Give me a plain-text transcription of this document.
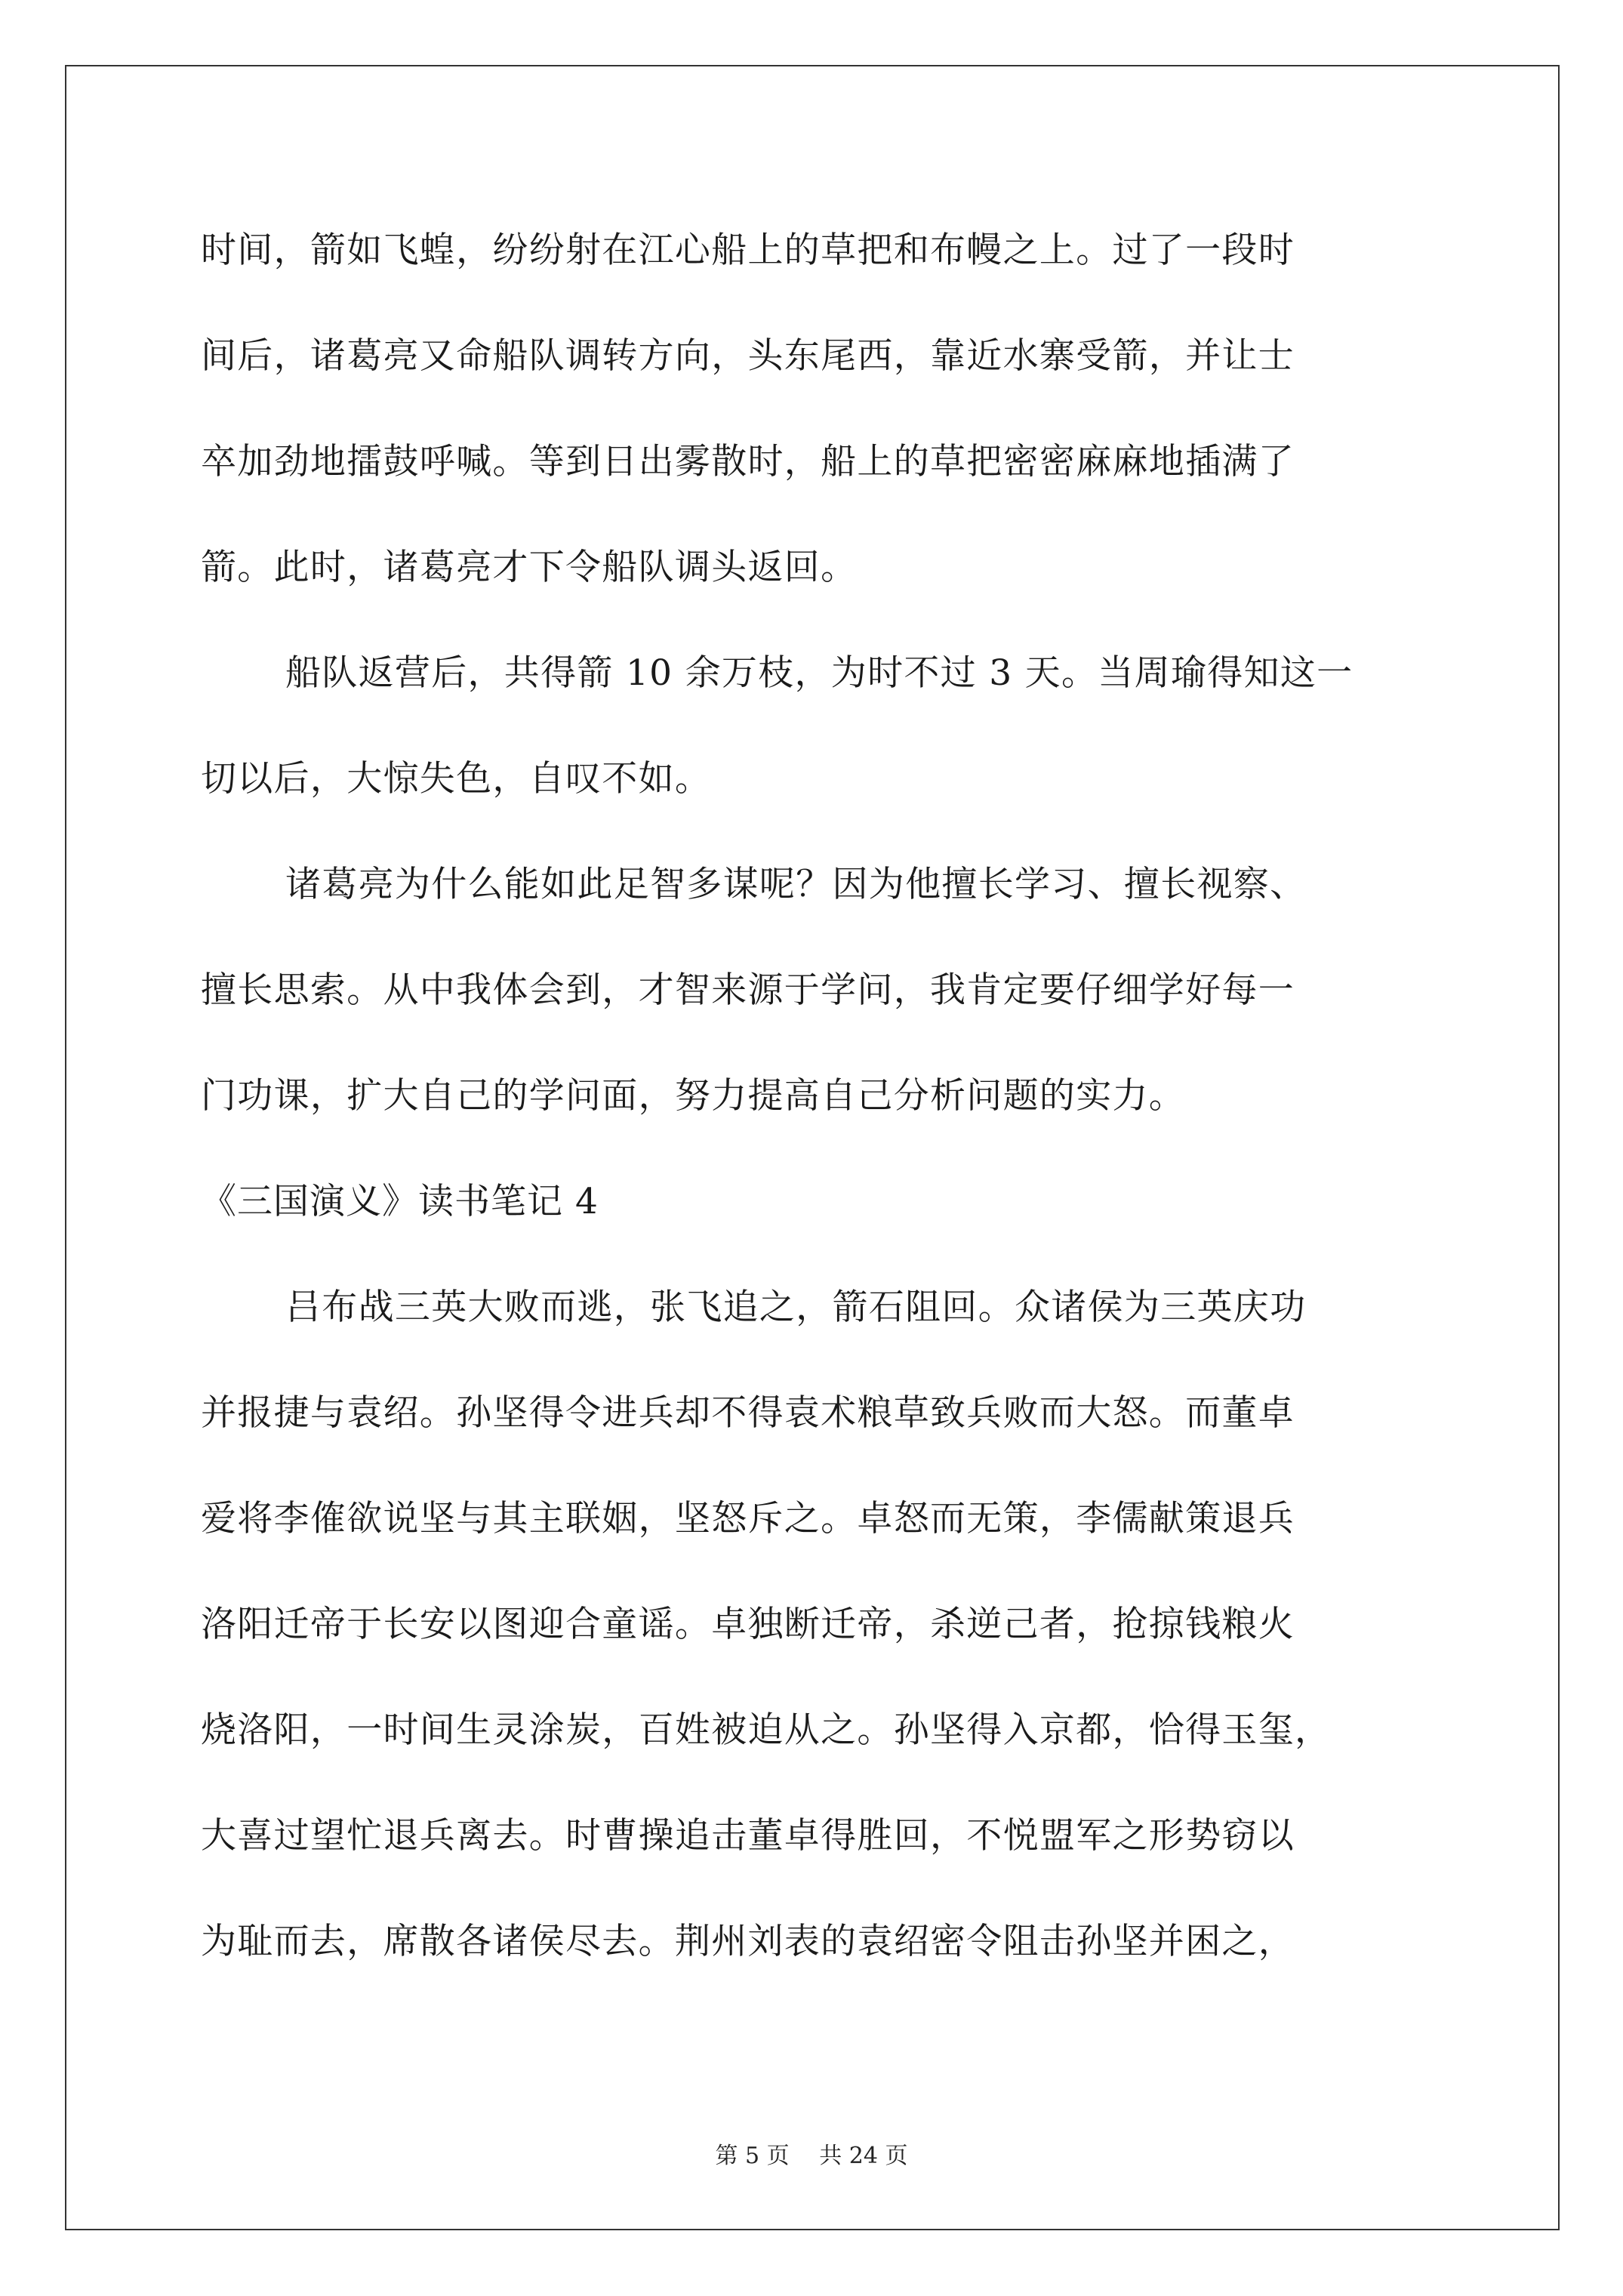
时间，箭如飞蝗，纷纷射在江心船上的草把和布幔之上。过了一段时
间后，诸葛亮又命船队调转方向，头东尾西，靠近水寨受箭，并让士
卒加劲地擂鼓呼喊。等到日出雾散时，船上的草把密密麻麻地插满了
箭。此时，诸葛亮才下令船队调头返回。
船队返营后，共得箭 10 余万枝，为时不过 3 天。当周瑜得知这一
切以后，大惊失色，自叹不如。
诸葛亮为什么能如此足智多谋呢？因为他擅长学习、擅长视察、
擅长思索。从中我体会到，才智来源于学问，我肯定要仔细学好每一
门功课，扩大自己的学问面，努力提高自己分析问题的实力。
《三国演义》读书笔记 4
吕布战三英大败而逃，张飞追之，箭石阻回。众诸侯为三英庆功
并报捷与袁绍。孙坚得令进兵却不得袁术粮草致兵败而大怒。而董卓
爱将李傕欲说坚与其主联姻，坚怒斥之。卓怒而无策，李儒献策退兵
洛阳迁帝于长安以图迎合童谣。卓独断迁帝，杀逆己者，抢掠钱粮火
烧洛阳，一时间生灵涂炭，百姓被迫从之。孙坚得入京都，恰得玉玺，
大喜过望忙退兵离去。时曹操追击董卓得胜回，不悦盟军之形势窃以
为耻而去，席散各诸侯尽去。荆州刘表的袁绍密令阻击孙坚并困之，
第 5 页 共 24 页
